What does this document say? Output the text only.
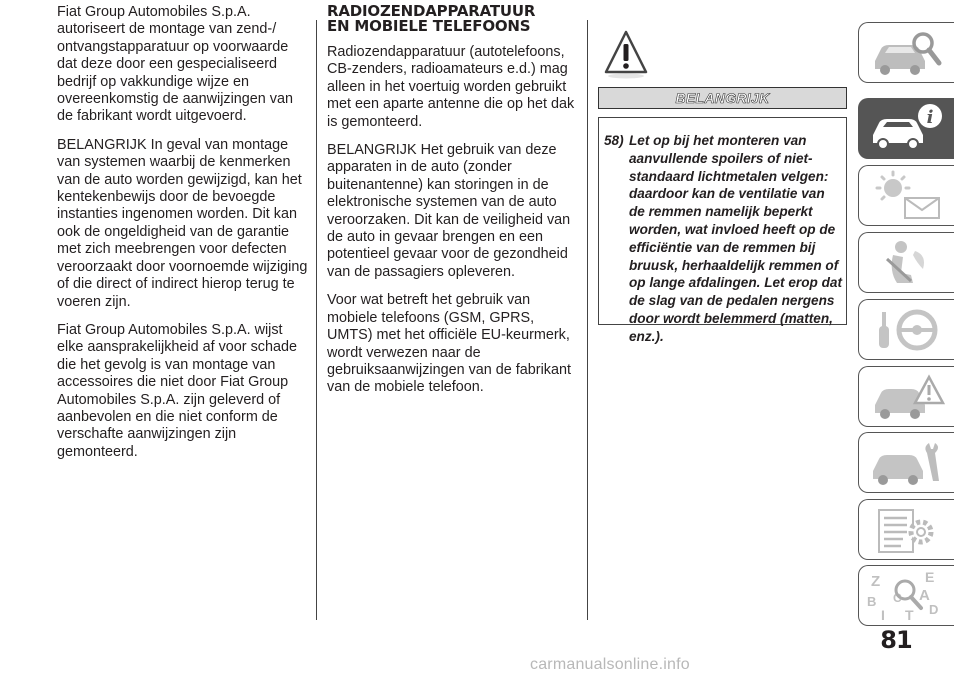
Fiat Group Automobiles S.p.A. autoriseert de montage van zend-/ ontvangstapparatuur op voorwaarde dat deze door een gespecialiseerd bedrijf op vakkundige wijze en overeenkomstig de aanwijzingen van de fabrikant wordt uitgevoerd.

BELANGRIJK In geval van montage van systemen waarbij de kenmerken van de auto worden gewijzigd, kan het kentekenbewijs door de bevoegde instanties ingenomen worden. Dit kan ook de ongeldigheid van de garantie met zich meebrengen voor defecten veroorzaakt door voornoemde wijziging of die direct of indirect hierop terug te voeren zijn.

Fiat Group Automobiles S.p.A. wijst elke aansprakelijkheid af voor schade die het gevolg is van montage van accessoires die niet door Fiat Group Automobiles S.p.A. zijn geleverd of aanbevolen en die niet conform de verschafte aanwijzingen zijn gemonteerd.

RADIOZENDAPPARATUUR
EN MOBIELE TELEFOONS

Radiozendapparatuur (autotelefoons, CB-zenders, radioamateurs e.d.) mag alleen in het voertuig worden gebruikt met een aparte antenne die op het dak is gemonteerd.

BELANGRIJK Het gebruik van deze apparaten in de auto (zonder buitenantenne) kan storingen in de elektronische systemen van de auto veroorzaken. Dit kan de veiligheid van de auto in gevaar brengen en een potentieel gevaar voor de gezondheid van de passagiers opleveren.

Voor wat betreft het gebruik van mobiele telefoons (GSM, GPRS, UMTS) met het officiële EU-keurmerk, wordt verwezen naar de gebruiksaanwijzingen van de fabrikant van de mobiele telefoon.

BELANGRIJK
58) Let op bij het monteren van aanvullende spoilers of niet-standaard lichtmetalen velgen: daardoor kan de ventilatie van de remmen namelijk beperkt worden, wat invloed heeft op de efficiëntie van de remmen bij bruusk, herhaaldelijk remmen of op lange afdalingen. Let erop dat de slag van de pedalen nergens door wordt belemmerd (matten, enz.).
i
Z	E
B C A
I T D
81
carmanualsonline.info
